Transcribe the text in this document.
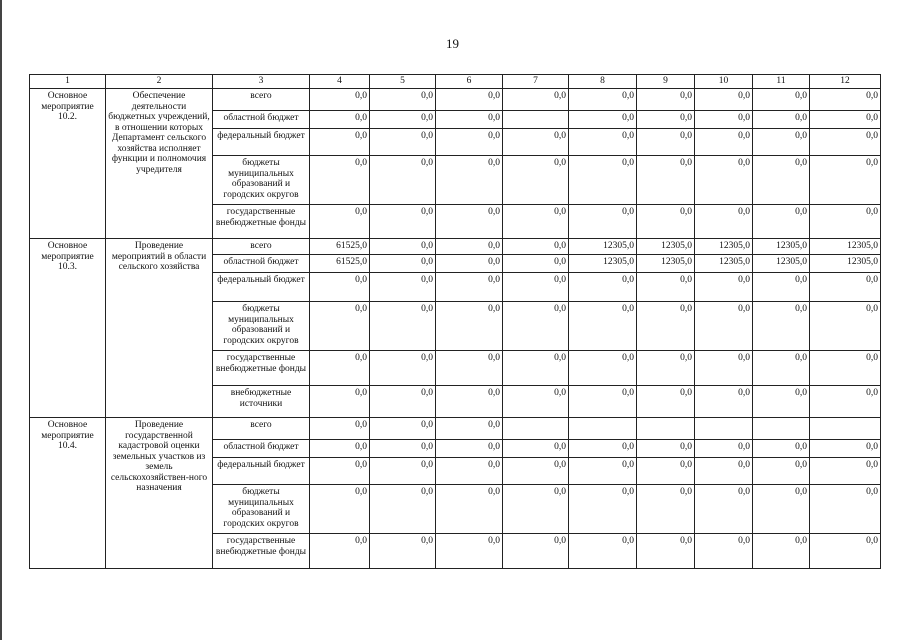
19
1	2	3	4	5	6	7	8	9	10	11	12
Основное мероприятие 10.2.	Обеспечение деятельности бюджетных учреждений, в отношении которых Департамент сельского хозяйства исполняет функции и полномочия учредителя	всего	0,0	0,0	0,0	0,0	0,0	0,0	0,0	0,0	0,0
		областной бюджет	0,0	0,0	0,0		0,0	0,0	0,0	0,0	0,0
		федеральный бюджет	0,0	0,0	0,0	0,0	0,0	0,0	0,0	0,0	0,0
		бюджеты муниципальных образований и городских округов	0,0	0,0	0,0	0,0	0,0	0,0	0,0	0,0	0,0
		государственные внебюджетные фонды	0,0	0,0	0,0	0,0	0,0	0,0	0,0	0,0	0,0
Основное мероприятие 10.3.	Проведение мероприятий в области сельского хозяйства	всего	61525,0	0,0	0,0	0,0	12305,0	12305,0	12305,0	12305,0	12305,0
		областной бюджет	61525,0	0,0	0,0	0,0	12305,0	12305,0	12305,0	12305,0	12305,0
		федеральный бюджет	0,0	0,0	0,0	0,0	0,0	0,0	0,0	0,0	0,0
		бюджеты муниципальных образований и городских округов	0,0	0,0	0,0	0,0	0,0	0,0	0,0	0,0	0,0
		государственные внебюджетные фонды	0,0	0,0	0,0	0,0	0,0	0,0	0,0	0,0	0,0
		внебюджетные источники	0,0	0,0	0,0	0,0	0,0	0,0	0,0	0,0	0,0
Основное мероприятие 10.4.	Проведение государственной кадастровой оценки земельных участков из земель сельскохозяйствен-ного назначения	всего	0,0	0,0	0,0						
		областной бюджет	0,0	0,0	0,0	0,0	0,0	0,0	0,0	0,0	0,0
		федеральный бюджет	0,0	0,0	0,0	0,0	0,0	0,0	0,0	0,0	0,0
		бюджеты муниципальных образований и городских округов	0,0	0,0	0,0	0,0	0,0	0,0	0,0	0,0	0,0
		государственные внебюджетные фонды	0,0	0,0	0,0	0,0	0,0	0,0	0,0	0,0	0,0
